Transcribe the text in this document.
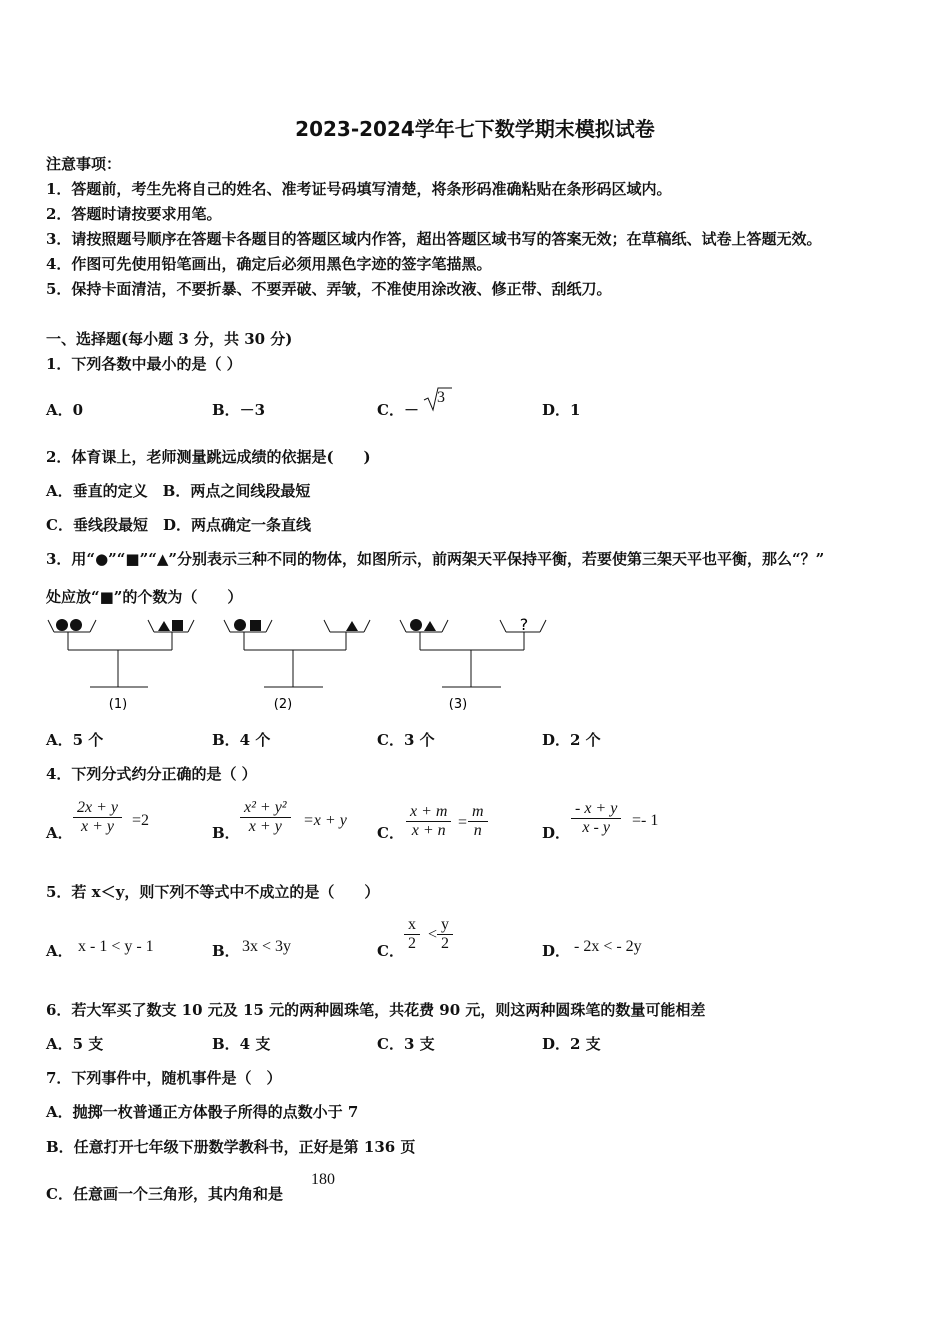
2023-2024学年七下数学期末模拟试卷
注意事项：
1．答题前，考生先将自己的姓名、准考证号码填写清楚，将条形码准确粘贴在条形码区域内。
2．答题时请按要求用笔。
3．请按照题号顺序在答题卡各题目的答题区域内作答，超出答题区域书写的答案无效；在草稿纸、试卷上答题无效。
4．作图可先使用铅笔画出，确定后必须用黑色字迹的签字笔描黑。
5．保持卡面清洁，不要折暴、不要弄破、弄皱，不准使用涂改液、修正带、刮纸刀。
一、选择题(每小题 3 分，共 30 分)
1．下列各数中最小的是（ ）
A．0	B．－3	C．－
3
D．1
2．体育课上，老师测量跳远成绩的依据是(　　)
A．垂直的定义　B．两点之间线段最短
C．垂线段最短　D．两点确定一条直线
3．用“●”“■”“▲”分别表示三种不同的物体，如图所示，前两架天平保持平衡，若要使第三架天平也平衡，那么“？”
处应放“■”的个数为（　　）
?
(1)	(2)	(3)
A．5 个	B．4 个	C．3 个	D．2 个
4．下列分式约分正确的是（ ）
A．
2x + y
x + y	=2
B．
x² + y²
x + y	=x + y
C．
x + m
x + n =
m
n	D．
- x + y
x - y	=- 1
5．若 x＜y，则下列不等式中不成立的是（　　）
A． x - 1 < y - 1	B． 3x < 3y	C．
x
2
<
y
2	D． - 2x < - 2y
6．若大军买了数支 10 元及 15 元的两种圆珠笔，共花费 90 元，则这两种圆珠笔的数量可能相差
A．5 支	B．4 支	C．3 支	D．2 支
7．下列事件中，随机事件是（　）
A．抛掷一枚普通正方体骰子所得的点数小于 7
B．任意打开七年级下册数学教科书，正好是第 136 页
C．任意画一个三角形，其内角和是
180
